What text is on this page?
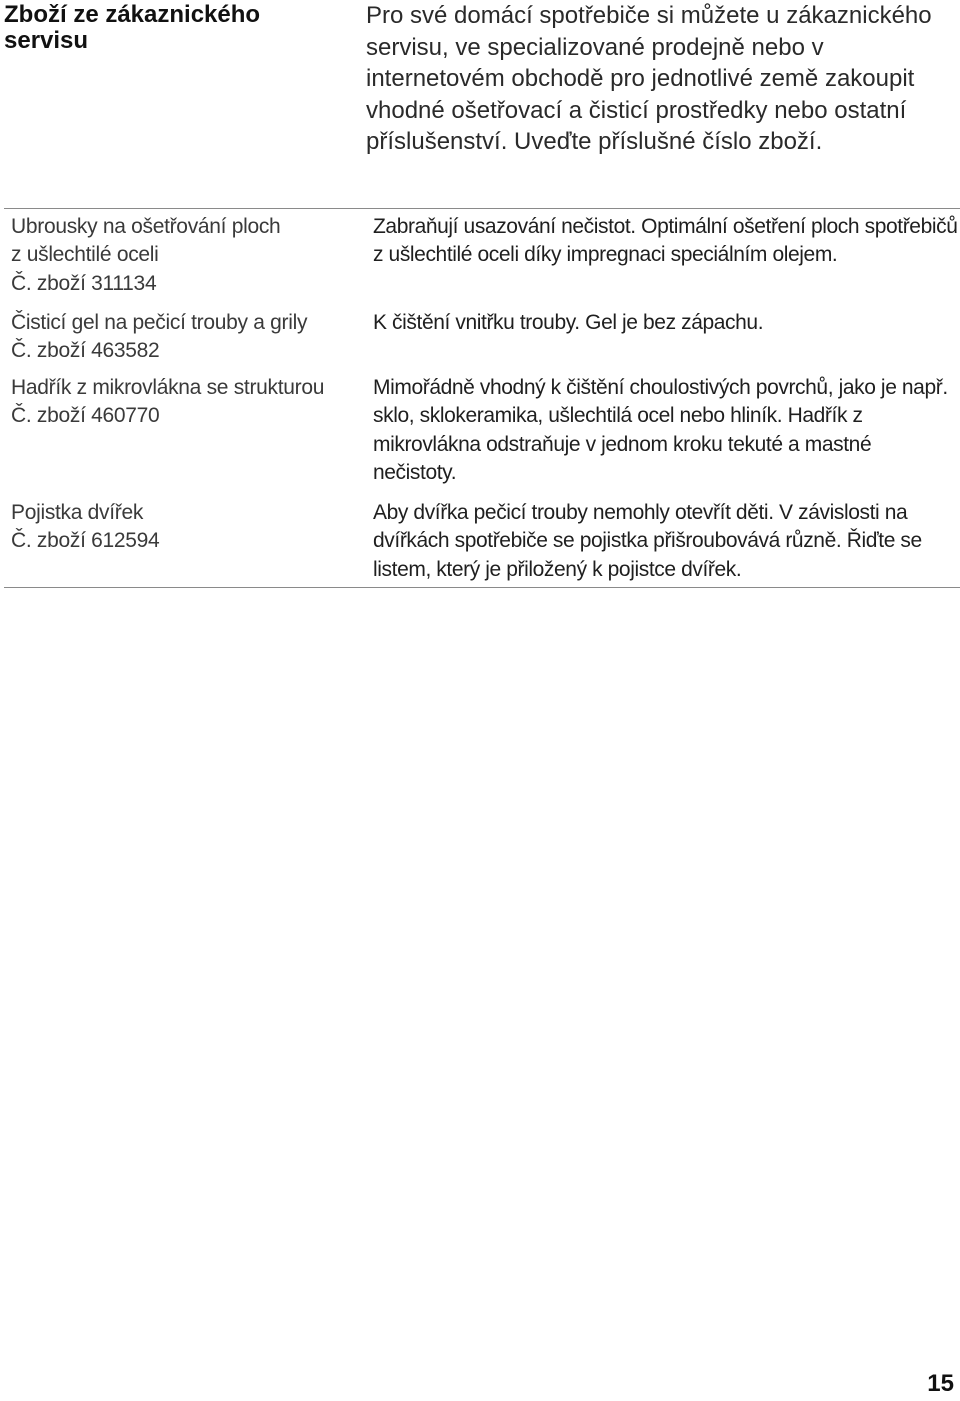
Zboží ze zákaznického servisu
Pro své domácí spotřebiče si můžete u zákaznického servisu, ve specializované prodejně nebo v internetovém obchodě pro jednotlivé země zakoupit vhodné ošetřovací a čisticí prostředky nebo ostatní příslušenství. Uveďte příslušné číslo zboží.
Ubrousky na ošetřování ploch
z ušlechtilé oceli
Č. zboží 311134
Zabraňují usazování nečistot. Optimální ošetření ploch spotřebičů z ušlechtilé oceli díky impregnaci speciálním olejem.
Čisticí gel na pečicí trouby a grily
Č. zboží 463582
K čištění vnitřku trouby. Gel je bez zápachu.
Hadřík z mikrovlákna se strukturou
Č. zboží 460770
Mimořádně vhodný k čištění choulostivých povrchů, jako je např. sklo, sklokeramika, ušlechtilá ocel nebo hliník. Hadřík z mikrovlákna odstraňuje v jednom kroku tekuté a mastné nečistoty.
Pojistka dvířek
Č. zboží 612594
Aby dvířka pečicí trouby nemohly otevřít děti. V závislosti na dvířkách spotřebiče se pojistka přišroubovává různě. Řiďte se listem, který je přiložený k pojistce dvířek.
15
